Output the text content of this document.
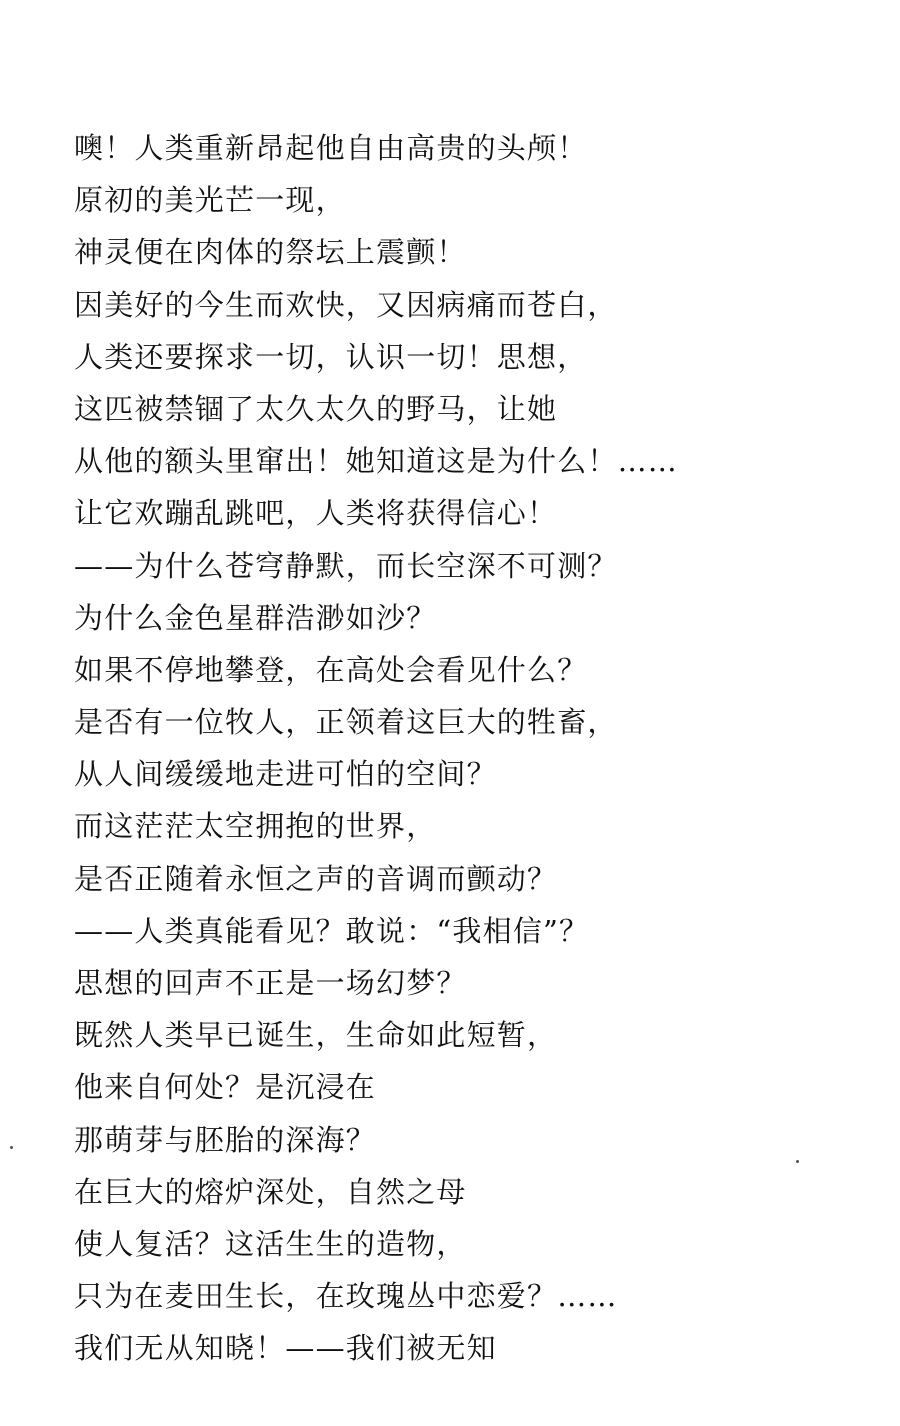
噢！人类重新昂起他自由高贵的头颅！
原初的美光芒一现，
神灵便在肉体的祭坛上震颤！
因美好的今生而欢快，又因病痛而苍白，
人类还要探求一切，认识一切！思想，
这匹被禁锢了太久太久的野马，让她
从他的额头里窜出！她知道这是为什么！……
让它欢蹦乱跳吧，人类将获得信心！
——为什么苍穹静默，而长空深不可测？
为什么金色星群浩渺如沙？
如果不停地攀登，在高处会看见什么？
是否有一位牧人，正领着这巨大的牲畜，
从人间缓缓地走进可怕的空间？
而这茫茫太空拥抱的世界，
是否正随着永恒之声的音调而颤动？
——人类真能看见？敢说：“我相信”？
思想的回声不正是一场幻梦？
既然人类早已诞生，生命如此短暂，
他来自何处？是沉浸在
那萌芽与胚胎的深海？
在巨大的熔炉深处，自然之母
使人复活？这活生生的造物，
只为在麦田生长，在玫瑰丛中恋爱？……
我们无从知晓！——我们被无知
